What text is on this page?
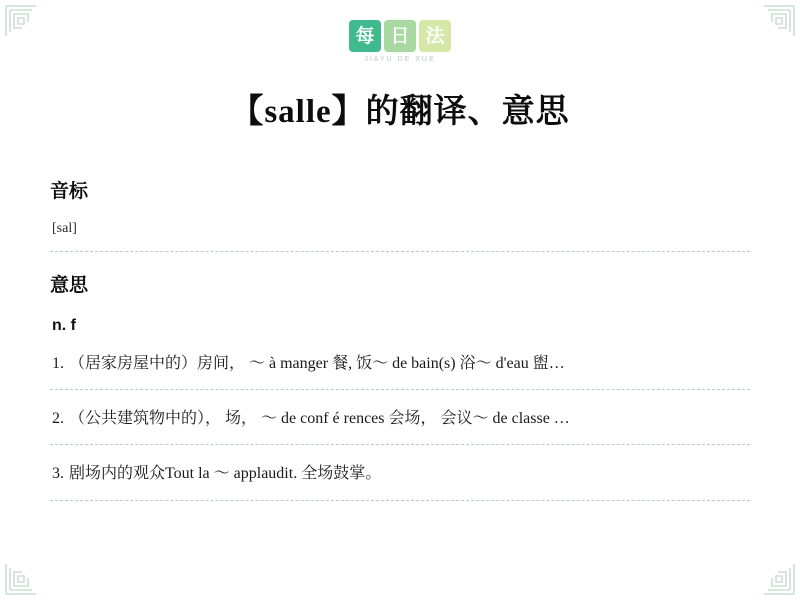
每 日 法
JIAYU DE XUE
【salle】的翻译、意思
音标
[sal]
意思
n. f
1. （居家房屋中的）房间， ～ à manger 餐, 饭～ de bain(s) 浴～ d'eau 盥…
2. （公共建筑物中的）， 场， ～ de conf é rences 会场， 会议～ de classe …
3. 剧场内的观众Tout la ～ applaudit. 全场鼓掌。
